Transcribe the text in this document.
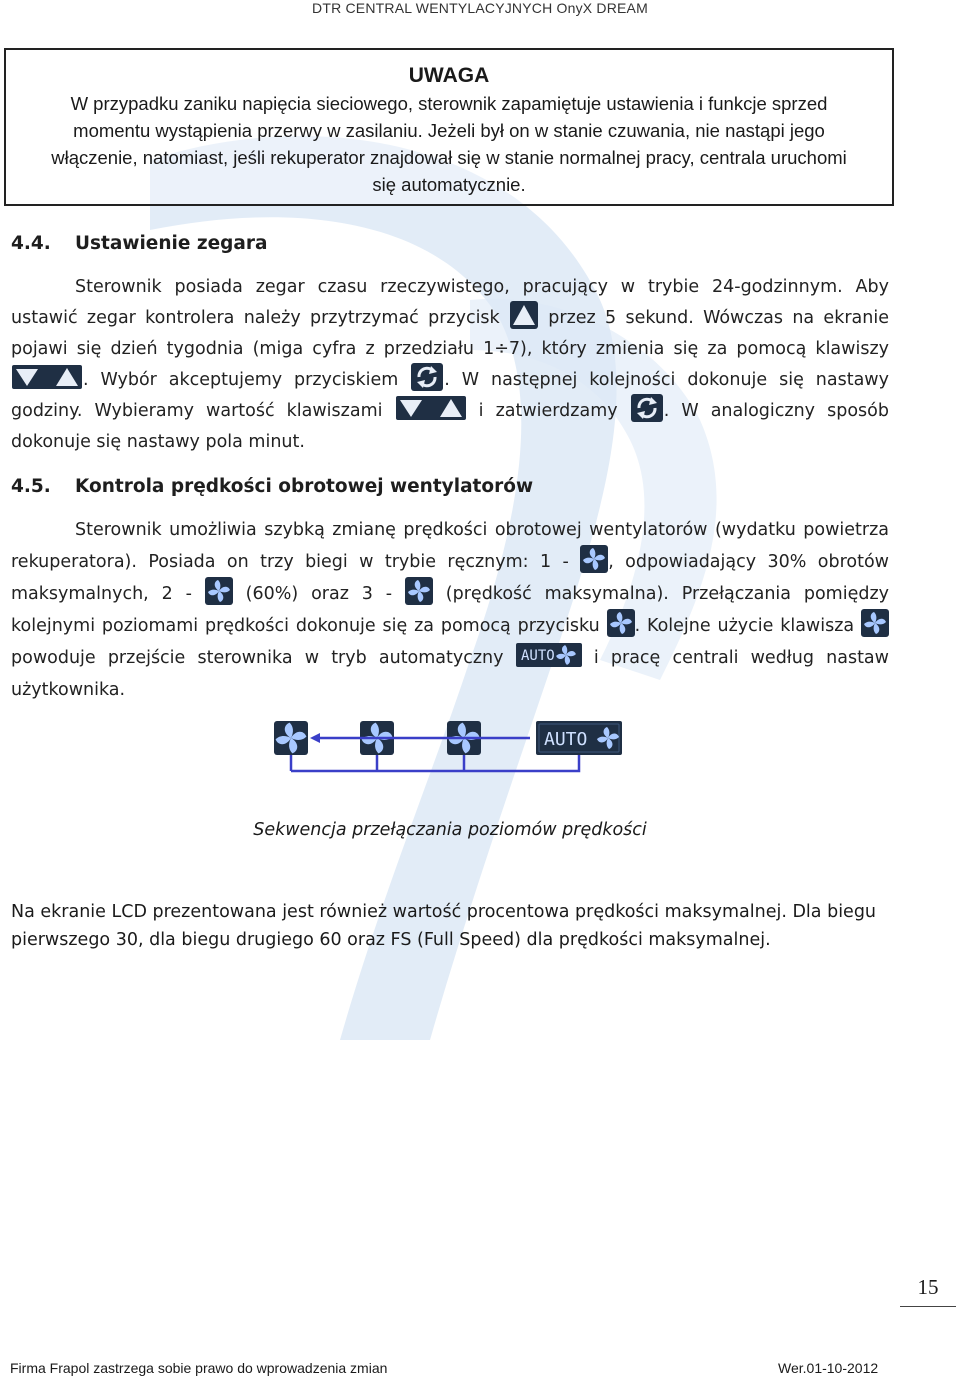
DTR CENTRAL WENTYLACYJNYCH OnyX DREAM
UWAGA
W przypadku zaniku napięcia sieciowego, sterownik zapamiętuje ustawienia i funkcje sprzed
momentu wystąpienia przerwy w zasilaniu. Jeżeli był on w stanie czuwania, nie nastąpi jego
włączenie, natomiast, jeśli rekuperator znajdował się w stanie normalnej pracy, centrala uruchomi
się automatycznie.
4.4. Ustawienie zegara
Sterownik posiada zegar czasu rzeczywistego, pracujący w trybie 24-godzinnym. Aby ustawić zegar kontrolera należy przytrzymać przycisk	przez 5 sekund. Wówczas na ekranie pojawi się dzień tygodnia (miga cyfra z przedziału 1÷7), który zmienia się za pomocą klawiszy . Wybór akceptujemy przyciskiem	. W następnej kolejności dokonuje się nastawy godziny. Wybieramy wartość klawiszami	i zatwierdzamy	. W analogiczny sposób dokonuje się nastawy pola minut.
4.5. Kontrola prędkości obrotowej wentylatorów
Sterownik umożliwia szybką zmianę prędkości obrotowej wentylatorów (wydatku powietrza rekuperatora). Posiada on trzy biegi w trybie ręcznym: 1 - , odpowiadający 30% obrotów maksymalnych, 2 -	(60%) oraz 3 -	(prędkość maksymalna). Przełączania pomiędzy kolejnymi poziomami prędkości dokonuje się za pomocą przycisku . Kolejne użycie klawisza  powoduje przejście sterownika w tryb automatyczny AUTO i pracę centrali według nastaw użytkownika.
AUTO
Sekwencja przełączania poziomów prędkości
Na ekranie LCD prezentowana jest również wartość procentowa prędkości maksymalnej. Dla biegu pierwszego 30, dla biegu drugiego 60 oraz FS (Full Speed) dla prędkości maksymalnej.
15
Firma Frapol zastrzega sobie prawo do wprowadzenia zmian	Wer.01-10-2012
